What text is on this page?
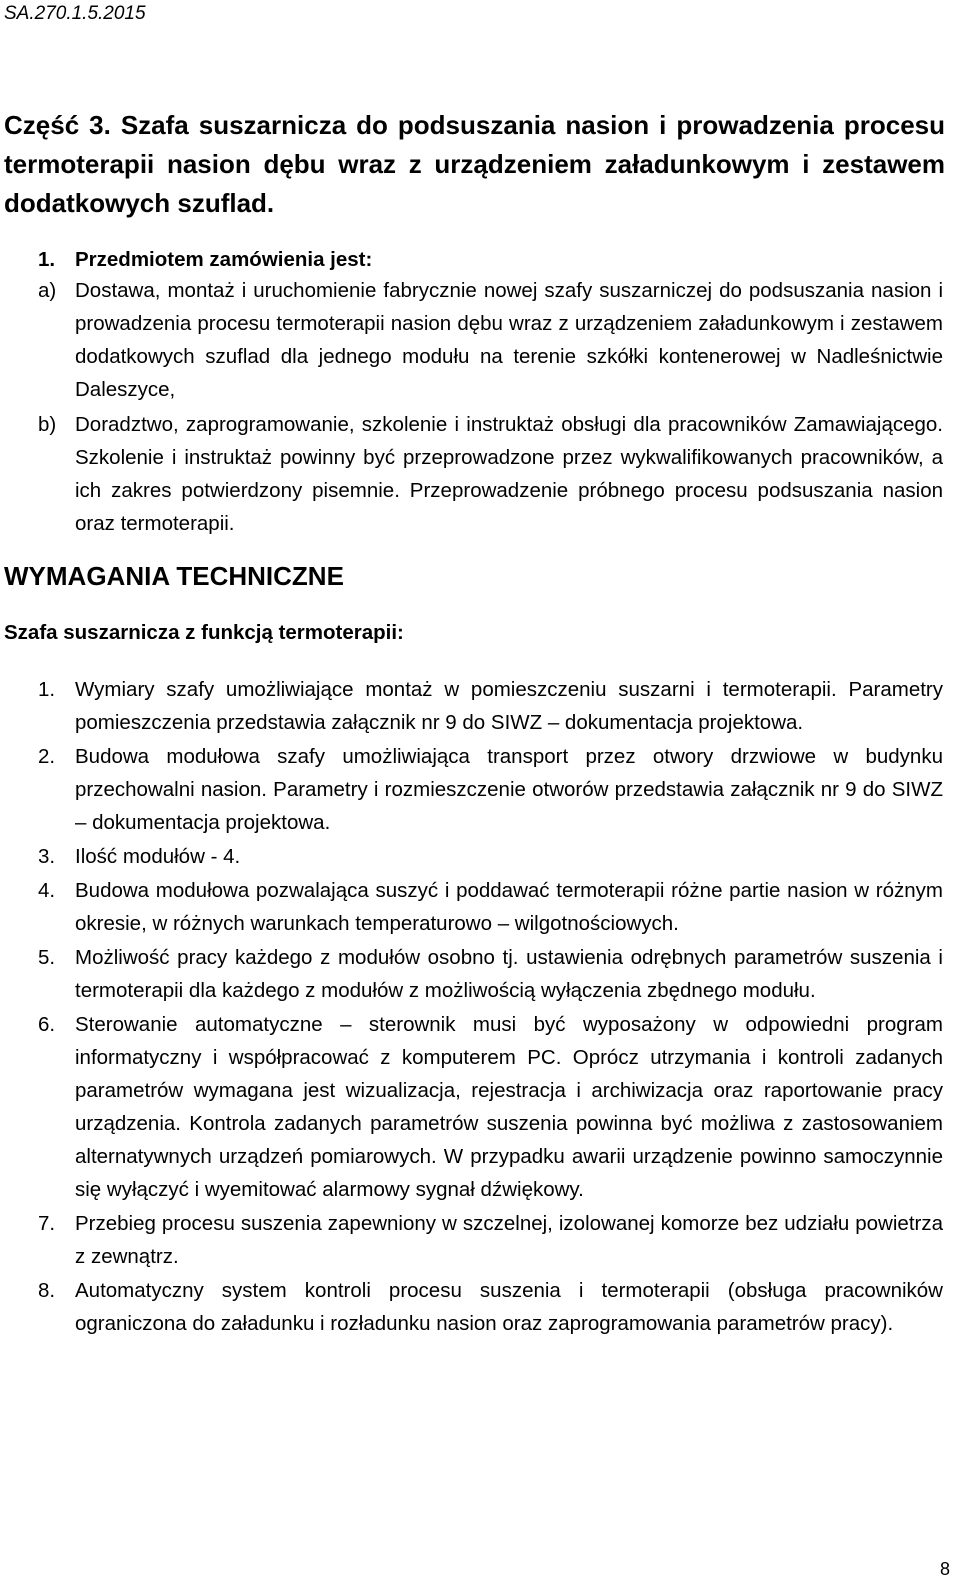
SA.270.1.5.2015
Część 3. Szafa suszarnicza do podsuszania nasion i prowadzenia procesu termoterapii nasion dębu wraz z urządzeniem załadunkowym i zestawem dodatkowych szuflad.
1. Przedmiotem zamówienia jest:
a) Dostawa, montaż i uruchomienie fabrycznie nowej szafy suszarniczej do podsuszania nasion i prowadzenia procesu termoterapii nasion dębu wraz z urządzeniem załadunkowym i zestawem dodatkowych szuflad dla jednego modułu na terenie szkółki kontenerowej w Nadleśnictwie Daleszyce,
b) Doradztwo, zaprogramowanie, szkolenie i instruktaż obsługi dla pracowników Zamawiającego. Szkolenie i instruktaż powinny być przeprowadzone przez wykwalifikowanych pracowników, a ich zakres potwierdzony pisemnie. Przeprowadzenie próbnego procesu podsuszania nasion oraz termoterapii.
WYMAGANIA TECHNICZNE
Szafa suszarnicza z funkcją termoterapii:
1. Wymiary szafy umożliwiające montaż w pomieszczeniu suszarni i termoterapii. Parametry pomieszczenia przedstawia załącznik nr 9 do SIWZ – dokumentacja projektowa.
2. Budowa modułowa szafy umożliwiająca transport przez otwory drzwiowe w budynku przechowalni nasion. Parametry i rozmieszczenie otworów przedstawia załącznik nr 9 do SIWZ – dokumentacja projektowa.
3. Ilość modułów - 4.
4. Budowa modułowa pozwalająca suszyć i poddawać termoterapii różne partie nasion w różnym okresie, w różnych warunkach temperaturowo – wilgotnościowych.
5. Możliwość pracy każdego z modułów osobno tj. ustawienia odrębnych parametrów suszenia i termoterapii dla każdego z modułów z możliwością wyłączenia zbędnego modułu.
6. Sterowanie automatyczne – sterownik musi być wyposażony w odpowiedni program informatyczny i współpracować z komputerem PC. Oprócz utrzymania i kontroli zadanych parametrów wymagana jest wizualizacja, rejestracja i archiwizacja oraz raportowanie pracy urządzenia. Kontrola zadanych parametrów suszenia powinna być możliwa z zastosowaniem alternatywnych urządzeń pomiarowych. W przypadku awarii urządzenie powinno samoczynnie się wyłączyć i wyemitować alarmowy sygnał dźwiękowy.
7. Przebieg procesu suszenia zapewniony w szczelnej, izolowanej komorze bez udziału powietrza z zewnątrz.
8. Automatyczny system kontroli procesu suszenia i termoterapii (obsługa pracowników ograniczona do załadunku i rozładunku nasion oraz zaprogramowania parametrów pracy).
8
